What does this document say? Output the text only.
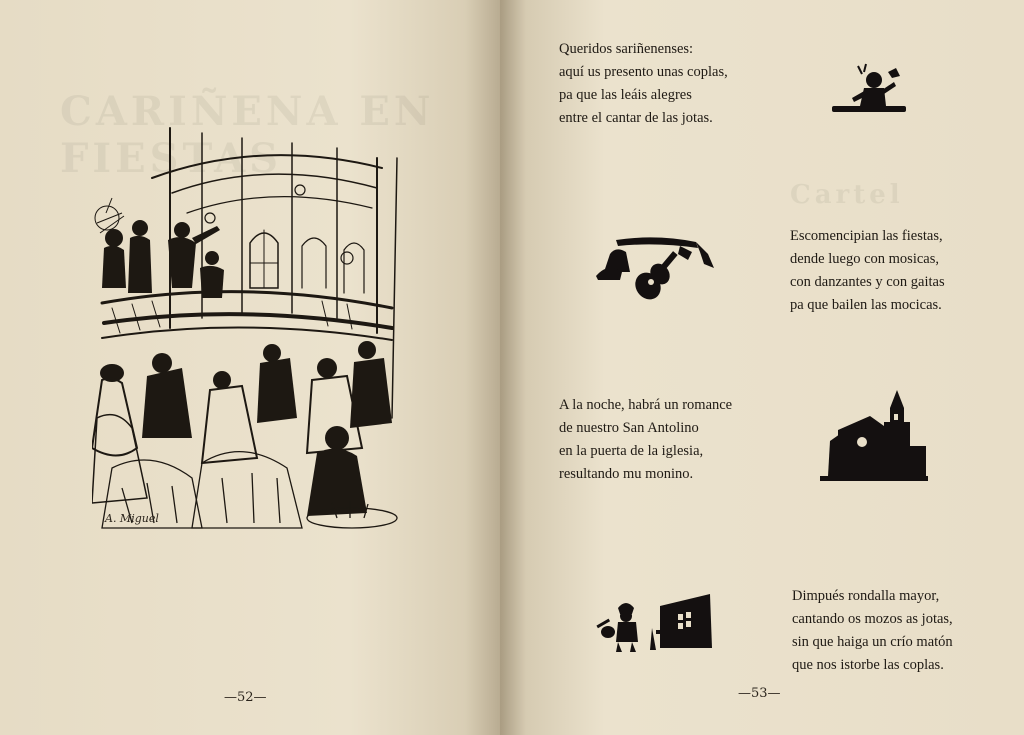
CARIÑENA EN FIESTAS
A. Miguel
—52—
Cartel
Queridos sariñenenses:
aquí us presento unas coplas,
pa que las leáis alegres
entre el cantar de las jotas.
Escomencipian las fiestas,
dende luego con mosicas,
con danzantes y con gaitas
pa que bailen las mocicas.
A la noche, habrá un romance
de nuestro San Antolino
en la puerta de la iglesia,
resultando mu monino.
Dimpués rondalla mayor,
cantando os mozos as jotas,
sin que haiga un crío matón
que nos istorbe las coplas.
—53—
